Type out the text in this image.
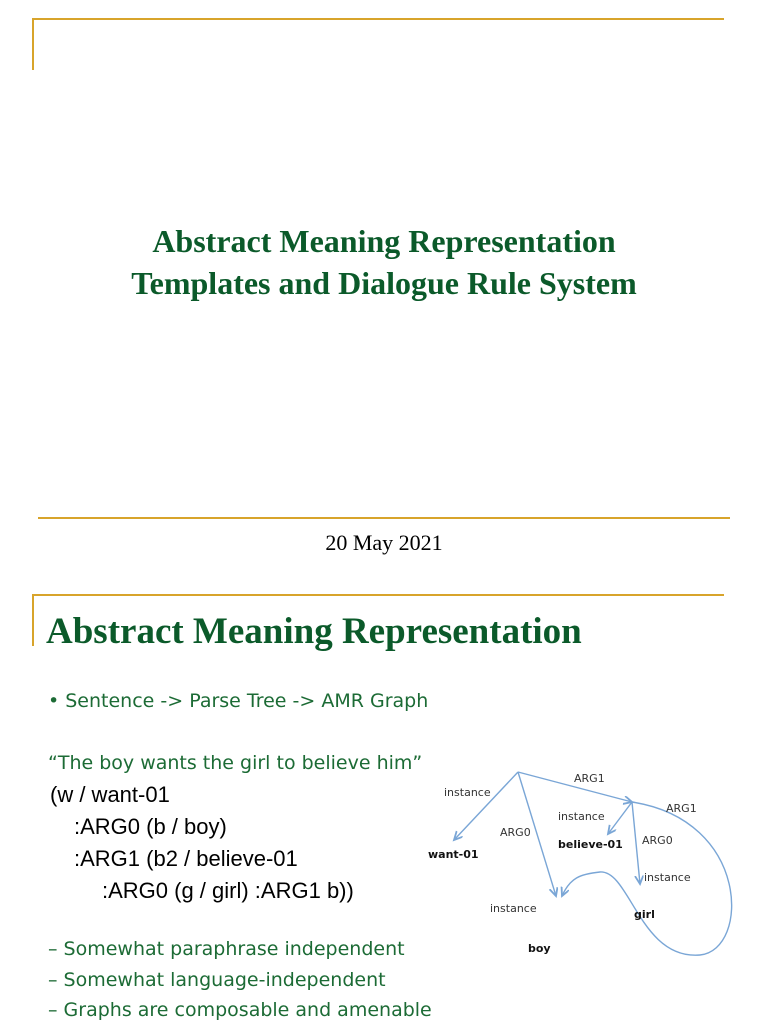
Abstract Meaning Representation
Templates and Dialogue Rule System
20 May 2021
Abstract Meaning Representation
• Sentence -> Parse Tree -> AMR Graph
“The boy wants the girl to believe him”
(w / want-01
:ARG0 (b / boy)
:ARG1 (b2 / believe-01
:ARG0 (g / girl) :ARG1 b))
– Somewhat paraphrase independent
– Somewhat language-independent
– Graphs are composable and amenable
instance
ARG1
ARG0
instance
ARG1
ARG0
instance
instance
want-01
believe-01
girl
boy
